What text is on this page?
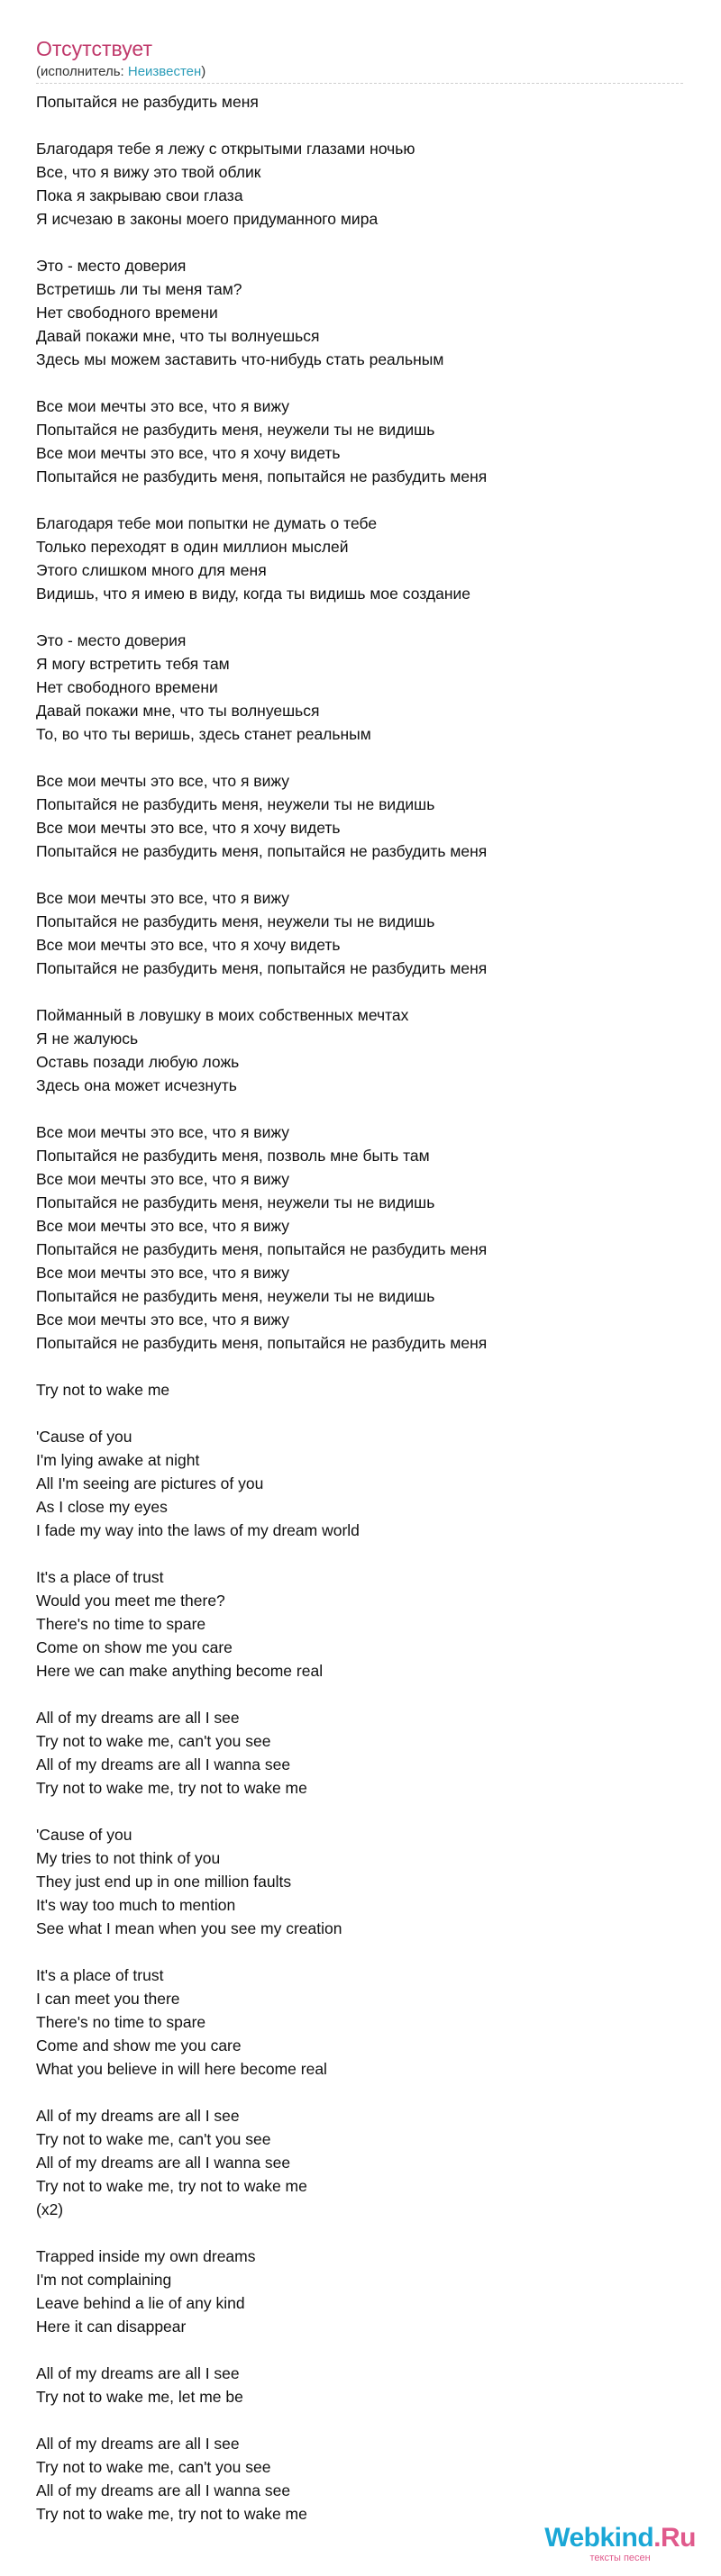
Отсутствует
(исполнитель: Неизвестен)
Попытайся не разбудить меня

Благодаря тебе я лежу с открытыми глазами ночью
Все, что я вижу это твой облик
Пока я закрываю свои глаза
Я исчезаю в законы моего придуманного мира

Это - место доверия
Встретишь ли ты меня там?
Нет свободного времени
Давай покажи мне, что ты волнуешься
Здесь мы можем заставить что-нибудь стать реальным

Все мои мечты это все, что я вижу
Попытайся не разбудить меня, неужели ты не видишь
Все мои мечты это все, что я хочу видеть
Попытайся не разбудить меня, попытайся не разбудить меня

Благодаря тебе мои попытки не думать о тебе
Только переходят в один миллион мыслей
Этого слишком много для меня
Видишь, что я имею в виду, когда ты видишь мое создание

Это - место доверия
Я могу встретить тебя там
Нет свободного времени
Давай покажи мне, что ты волнуешься
То, во что ты веришь, здесь станет реальным

Все мои мечты это все, что я вижу
Попытайся не разбудить меня, неужели ты не видишь
Все мои мечты это все, что я хочу видеть
Попытайся не разбудить меня, попытайся не разбудить меня

Все мои мечты это все, что я вижу
Попытайся не разбудить меня, неужели ты не видишь
Все мои мечты это все, что я хочу видеть
Попытайся не разбудить меня, попытайся не разбудить меня

Пойманный в ловушку в моих собственных мечтах
Я не жалуюсь
Оставь позади любую ложь
Здесь она может исчезнуть

Все мои мечты это все, что я вижу
Попытайся не разбудить меня, позволь мне быть там
Все мои мечты это все, что я вижу
Попытайся не разбудить меня, неужели ты не видишь
Все мои мечты это все, что я вижу
Попытайся не разбудить меня, попытайся не разбудить меня
Все мои мечты это все, что я вижу
Попытайся не разбудить меня, неужели ты не видишь
Все мои мечты это все, что я вижу
Попытайся не разбудить меня, попытайся не разбудить меня

Try not to wake me

'Cause of you
I'm lying awake at night
All I'm seeing are pictures of you
As I close my eyes
I fade my way into the laws of my dream world

It's a place of trust
Would you meet me there?
There's no time to spare
Come on show me you care
Here we can make anything become real

All of my dreams are all I see
Try not to wake me, can't you see
All of my dreams are all I wanna see
Try not to wake me, try not to wake me

'Cause of you
My tries to not think of you
They just end up in one million faults
It's way too much to mention
See what I mean when you see my creation

It's a place of trust
I can meet you there
There's no time to spare
Come and show me you care
What you believe in will here become real

All of my dreams are all I see
Try not to wake me, can't you see
All of my dreams are all I wanna see
Try not to wake me, try not to wake me
(x2)

Trapped inside my own dreams
I'm not complaining
Leave behind a lie of any kind
Here it can disappear

All of my dreams are all I see
Try not to wake me, let me be

All of my dreams are all I see
Try not to wake me, can't you see
All of my dreams are all I wanna see
Try not to wake me, try not to wake me
Webkind.Ru
тексты песен
